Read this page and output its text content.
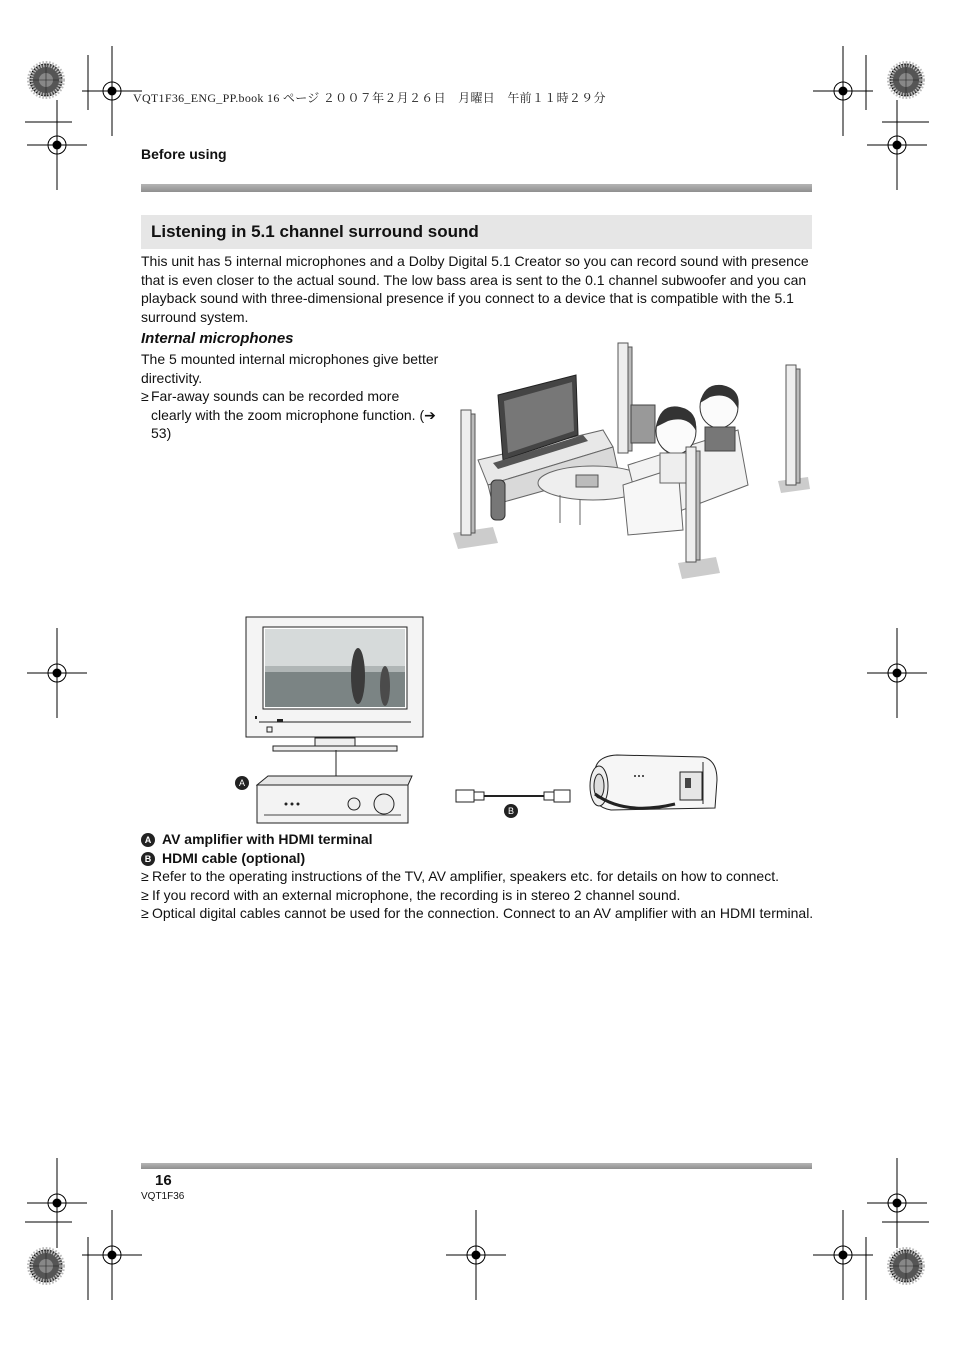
VQT1F36_ENG_PP.book 16 ページ ２００７年２月２６日　月曜日　午前１１時２９分
Before using
Listening in 5.1 channel surround sound
This unit has 5 internal microphones and a Dolby Digital 5.1 Creator so you can record sound with presence that is even closer to the actual sound. The low bass area is sent to the 0.1 channel subwoofer and you can playback sound with three-dimensional presence if you connect to a device that is compatible with the 5.1 surround system.
Internal microphones
The 5 mounted internal microphones give better directivity.
≥ Far-away sounds can be recorded more clearly with the zoom microphone function. (➔ 53)
A
B
A AV amplifier with HDMI terminal
B HDMI cable (optional)
≥ Refer to the operating instructions of the TV, AV amplifier, speakers etc. for details on how to connect.
≥ If you record with an external microphone, the recording is in stereo 2 channel sound.
≥ Optical digital cables cannot be used for the connection. Connect to an AV amplifier with an HDMI terminal.
16
VQT1F36
